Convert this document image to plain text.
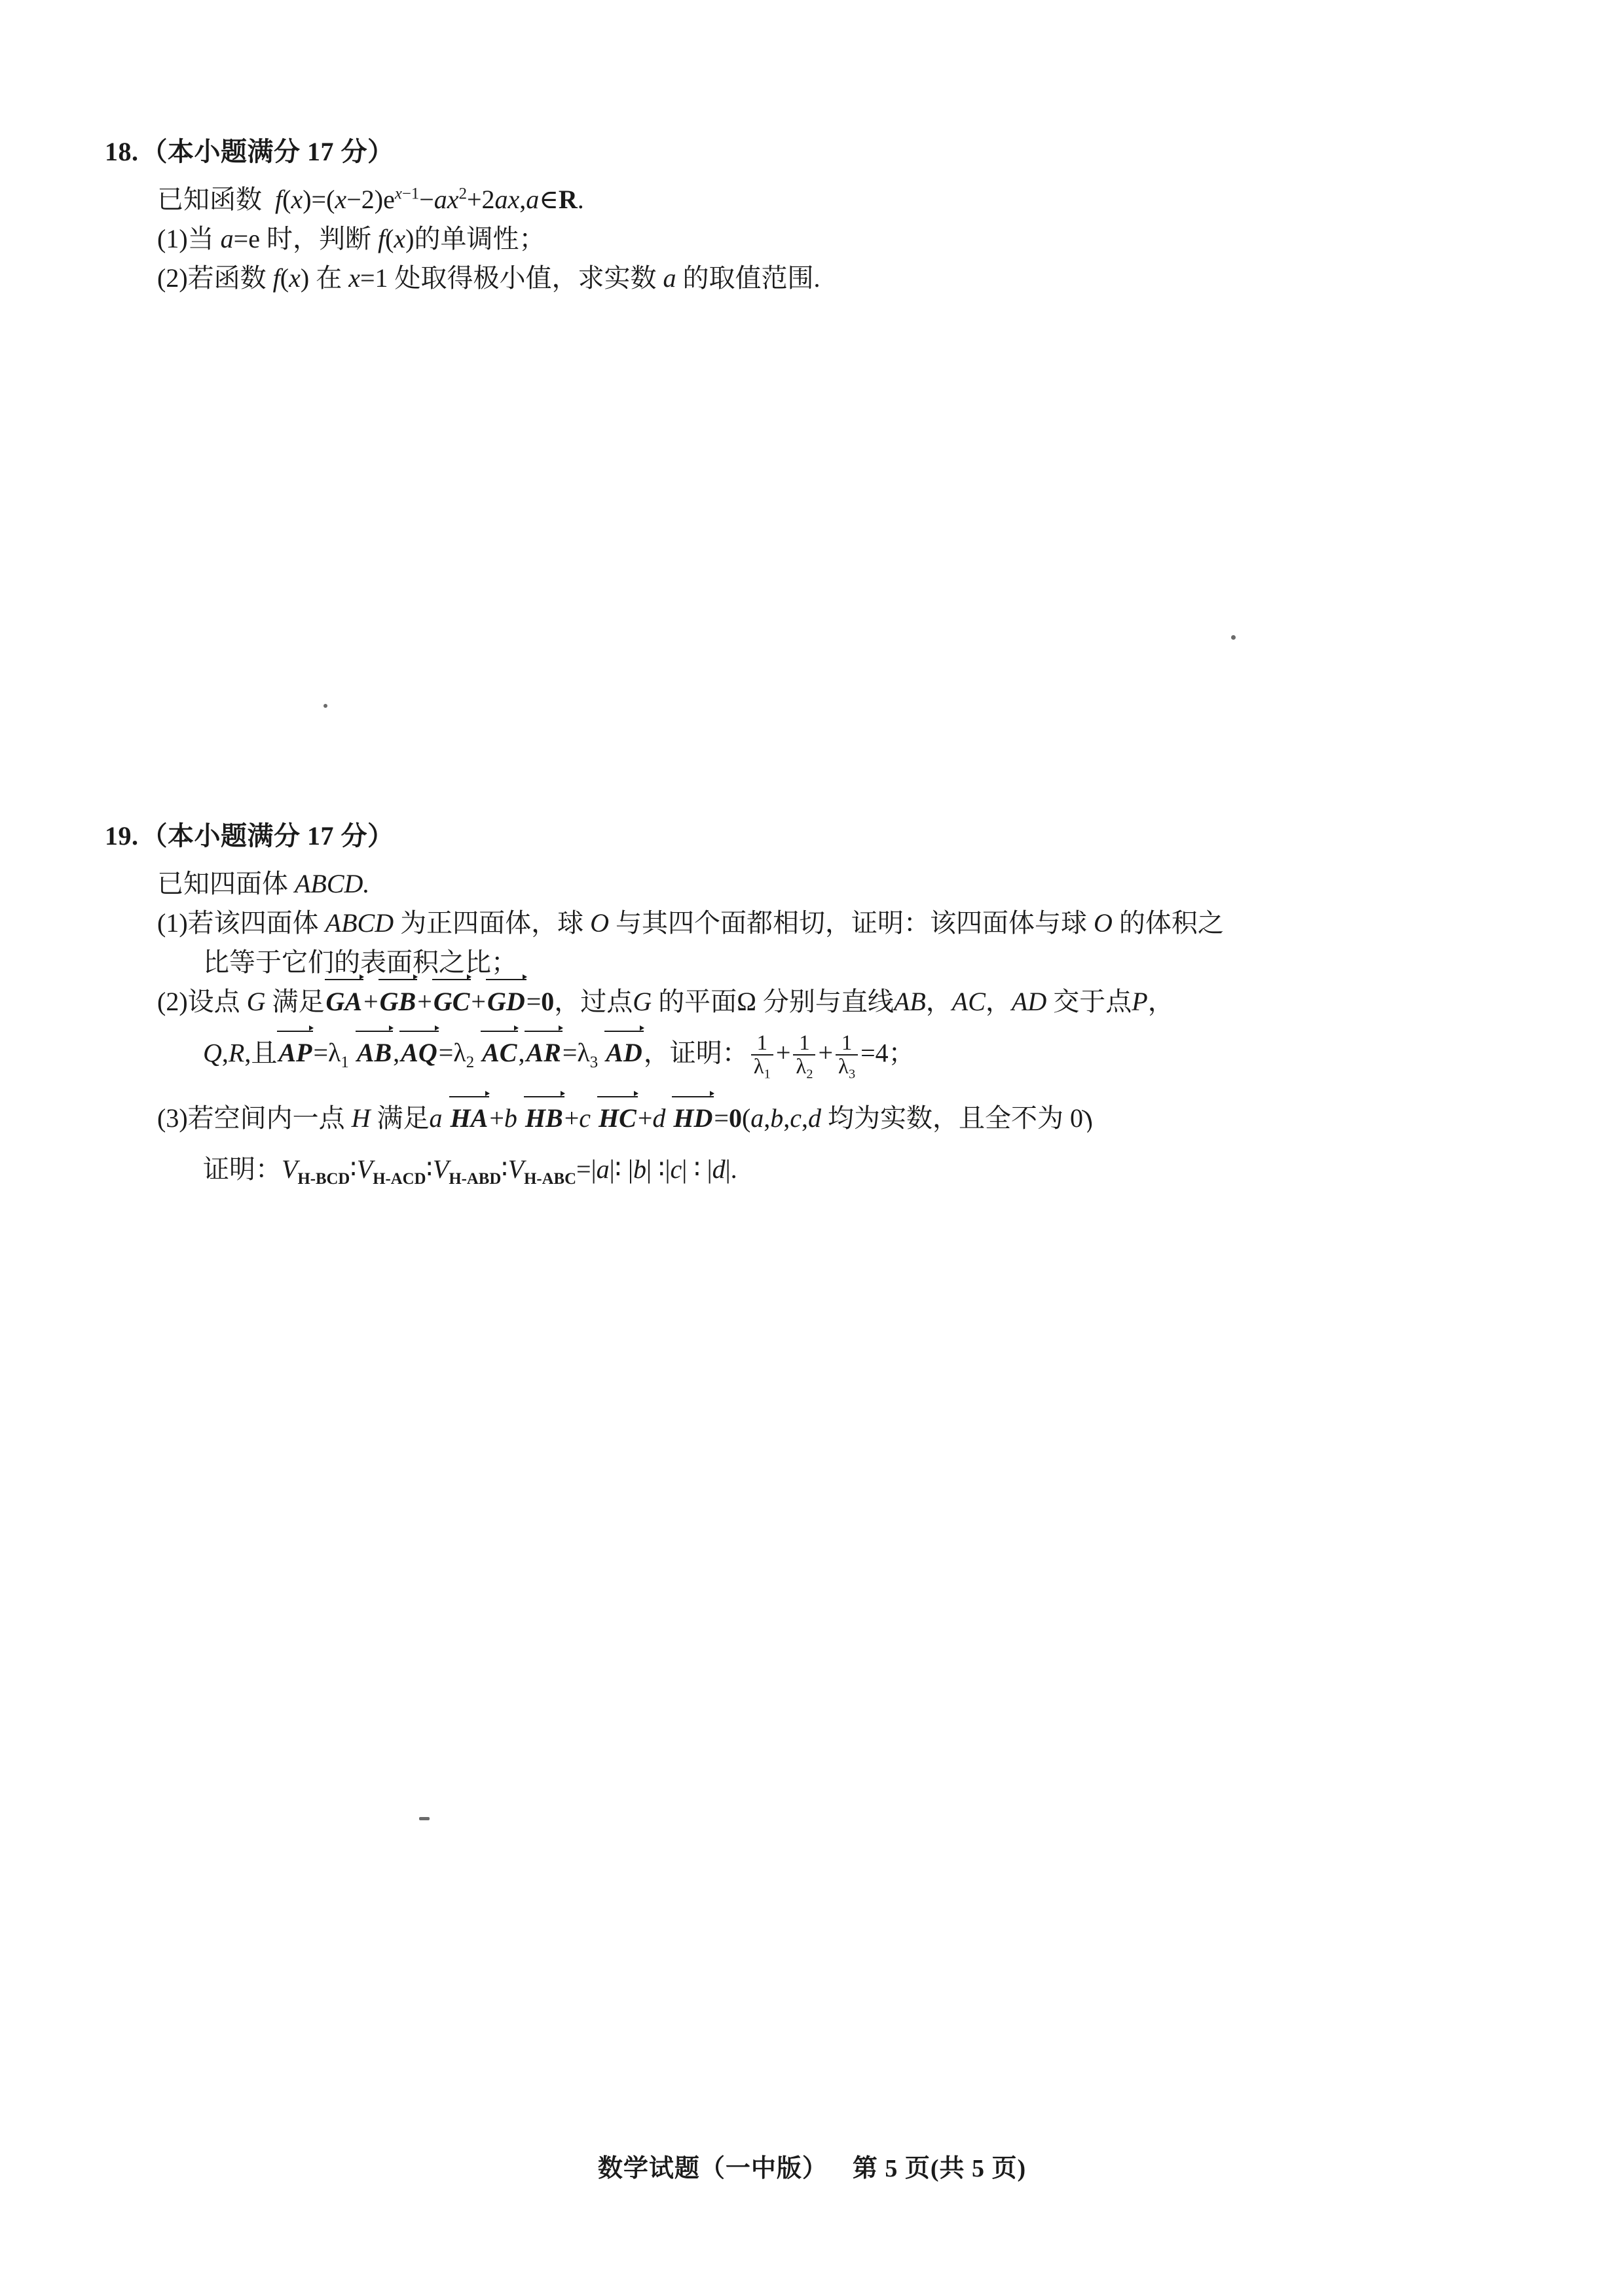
18. （本小题满分 17 分）
已知函数 $f(x)=(x-2)e^{x-1}-ax^2+2ax,a\in R$.
(1)当 a=e 时，判断 f(x)的单调性；
(2)若函数 f(x) 在 x=1 处取得极小值，求实数 a 的取值范围.
19. （本小题满分 17 分）
已知四面体 ABCD.
(1)若该四面体 ABCD 为正四面体，球 O 与其四个面都相切，证明：该四面体与球 O 的体积之
比等于它们的表面积之比；
(2)设点 G 满足GA+GB+GC+GD=0，过点G 的平面Ω 分别与直线AB，AC，AD 交于点P，
Q,R,且$AP=\lambda_1$ $AB,AQ=\lambda_2$ $AC,AR=\lambda_3$ AD，证明： $\frac{1}{\lambda_1} + \frac{1}{\lambda_2} + \frac{1}{\lambda_3} =4$；
(3)若空间内一点 H 满足a HA+b HB+c HC+d HD=0(a,b,c,d 均为实数，且全不为 0)
证明：$V_{H-BCD}∶V_{H-ACD}∶V_{H-ABD}∶V_{H-ABC}=|a|∶$ |b| ∶|c| ∶ |d|.
数学试题（一中版） 第 5 页(共 5 页)
